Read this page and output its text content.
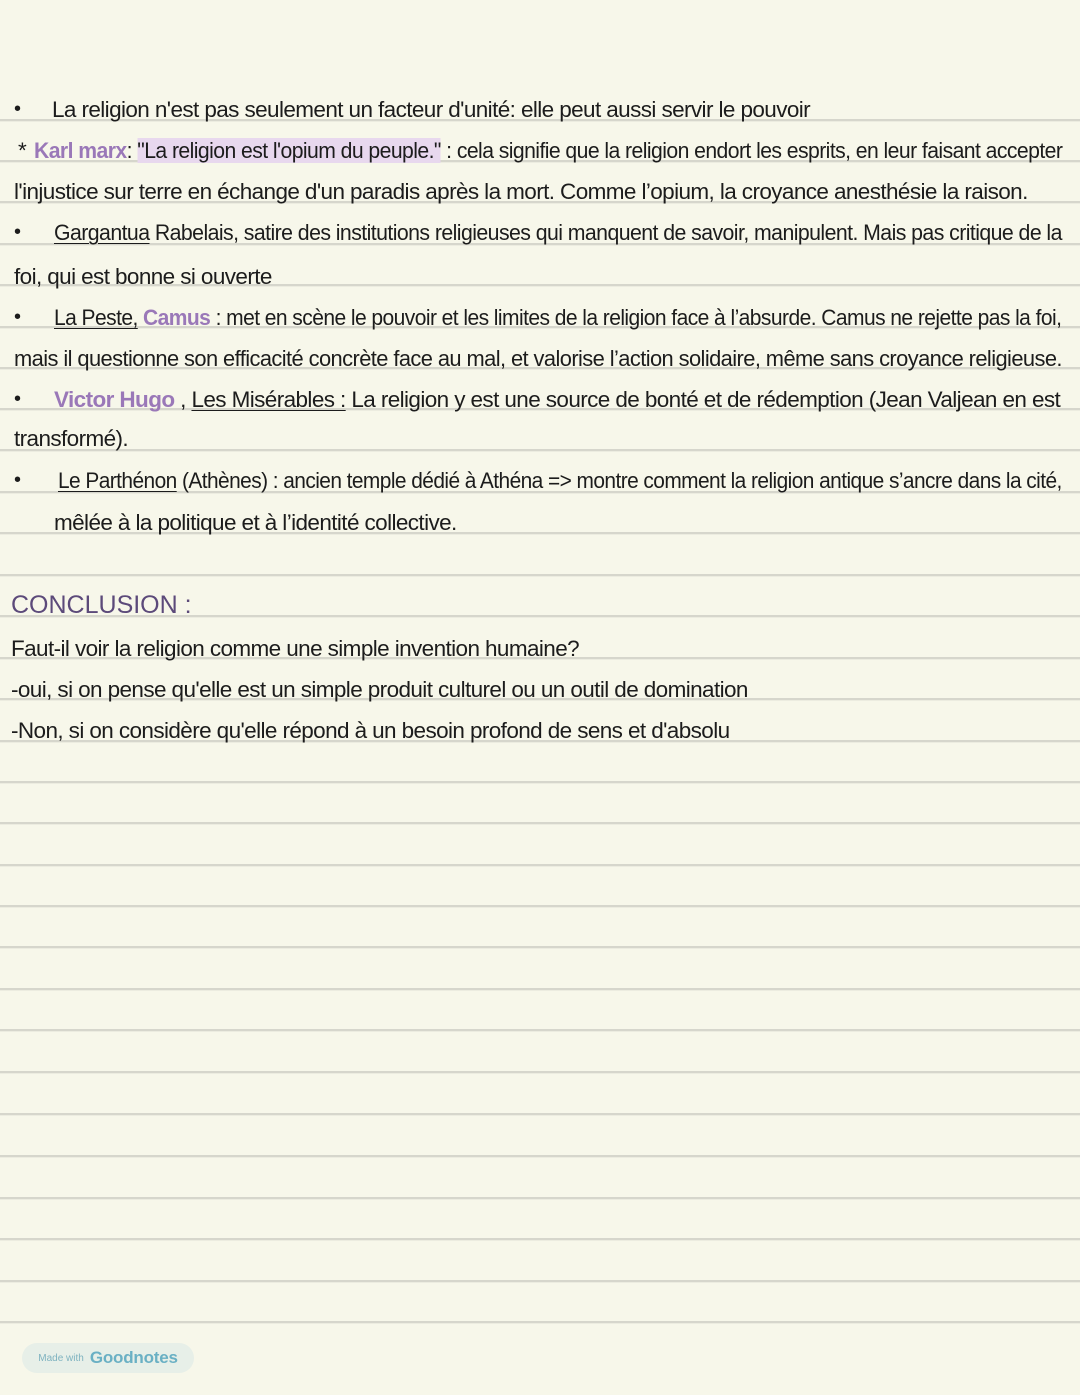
• La religion n'est pas seulement un facteur d'unité: elle peut aussi servir le pouvoir
* Karl marx: "La religion est l'opium du peuple." : cela signifie que la religion endort les esprits, en leur faisant accepter
l'injustice sur terre en échange d'un paradis après la mort. Comme l’opium, la croyance anesthésie la raison.
• Gargantua Rabelais, satire des institutions religieuses qui manquent de savoir, manipulent. Mais pas critique de la
foi, qui est bonne si ouverte
• La Peste, Camus : met en scène le pouvoir et les limites de la religion face à l’absurde. Camus ne rejette pas la foi,
mais il questionne son efficacité concrète face au mal, et valorise l’action solidaire, même sans croyance religieuse.
• Victor Hugo , Les Misérables : La religion y est une source de bonté et de rédemption (Jean Valjean en est
transformé).
• Le Parthénon (Athènes) : ancien temple dédié à Athéna => montre comment la religion antique s’ancre dans la cité,
mêlée à la politique et à l’identité collective.
CONCLUSION :
Faut-il voir la religion comme une simple invention humaine?
-oui, si on pense qu'elle est un simple produit culturel ou un outil de domination
-Non, si on considère qu'elle répond à un besoin profond de sens et d'absolu
Made with Goodnotes
